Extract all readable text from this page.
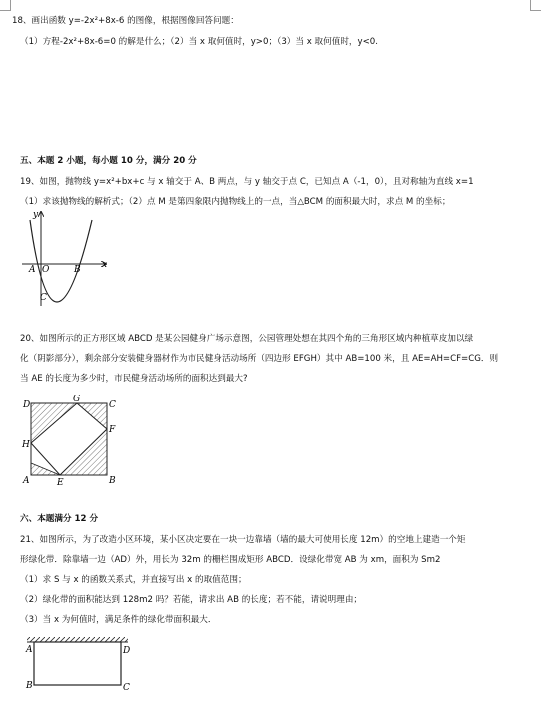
18、画出函数 y=-2x²+8x-6 的图像，根据图像回答问题：
（1）方程-2x²+8x-6=0 的解是什么；（2）当 x 取何值时，y>0；（3）当 x 取何值时，y<0.
五、本题 2 小题，每小题 10 分，满分 20 分
19、如图，抛物线 y=x²+bx+c 与 x 轴交于 A、B 两点，与 y 轴交于点 C，已知点 A（-1，0），且对称轴为直线 x=1
（1）求该抛物线的解析式；（2）点 M 是第四象限内抛物线上的一点，当△BCM 的面积最大时，求点 M 的坐标；
y
x
A O	B
C
20、如图所示的正方形区域 ABCD 是某公园健身广场示意图，公园管理处想在其四个角的三角形区域内种植草皮加以绿
化（阴影部分），剩余部分安装健身器材作为市民健身活动场所（四边形 EFGH）其中 AB=100 米，且 AE=AH=CF=CG．则
当 AE 的长度为多少时，市民健身活动场所的面积达到最大?
D
G
C
F
H
A	E	B
六、本题满分 12 分
21、如图所示，为了改造小区环境，某小区决定要在一块一边靠墙（墙的最大可使用长度 12m）的空地上建造一个矩
形绿化带．除靠墙一边（AD）外，用长为 32m 的栅栏围成矩形 ABCD．设绿化带宽 AB 为 xm，面积为 Sm2
（1）求 S 与 x 的函数关系式，并直接写出 x 的取值范围；
（2）绿化带的面积能达到 128m2 吗？若能，请求出 AB 的长度；若不能，请说明理由；
（3）当 x 为何值时，满足条件的绿化带面积最大．
A	D
B	C
